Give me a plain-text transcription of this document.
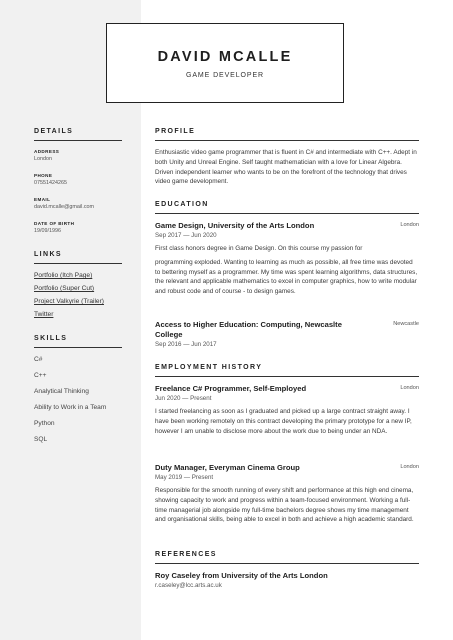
DAVID MCALLE
GAME DEVELOPER
DETAILS
ADDRESS
London
PHONE
07551424265
EMAIL
david.mcalle@gmail.com
DATE OF BIRTH
19/09/1996
LINKS
Portfolio (Itch Page)
Portfolio (Super Cut)
Project Valkyrie (Trailer)
Twitter
SKILLS
C#
C++
Analytical Thinking
Ability to Work in a Team
Python
SQL
PROFILE
Enthusiastic video game programmer that is fluent in C# and intermediate with C++. Adept in both Unity and Unreal Engine. Self taught mathematician with a love for Linear Algebra. Driven independent learner who wants to be on the forefront of the technology that drives video game development.
EDUCATION
Game Design, University of the Arts London	London
Sep 2017 — Jun 2020
First class honors degree in Game Design. On this course my passion for
programming exploded. Wanting to learning as much as possible, all free time was devoted to bettering myself as a programmer. My time was spent learning algorithms, data structures, the relevant and applicable mathematics to excel in computer graphics, how to write modular and robust code and of course - to design games.
Access to Higher Education: Computing, Newcaslte College
Newcastle
Sep 2016 — Jun 2017
EMPLOYMENT HISTORY
Freelance C# Programmer, Self-Employed	London
Jun 2020 — Present
I started freelancing as soon as I graduated and picked up a large contract straight away. I have been working remotely on this contract developing the primary prototype for a new IP, however I am unable to disclose more about the work due to being under an NDA.
Duty Manager, Everyman Cinema Group	London
May 2019 — Present
Responsible for the smooth running of every shift and performance at this high end cinema, showing capacity to work and progress within a team-focused environment. Working a full-time managerial job alongside my full-time bachelors degree shows my time management and organisational skills, being able to excel in both and achieve a high academic standard.
REFERENCES
Roy Caseley from University of the Arts London
r.caseley@lcc.arts.ac.uk
